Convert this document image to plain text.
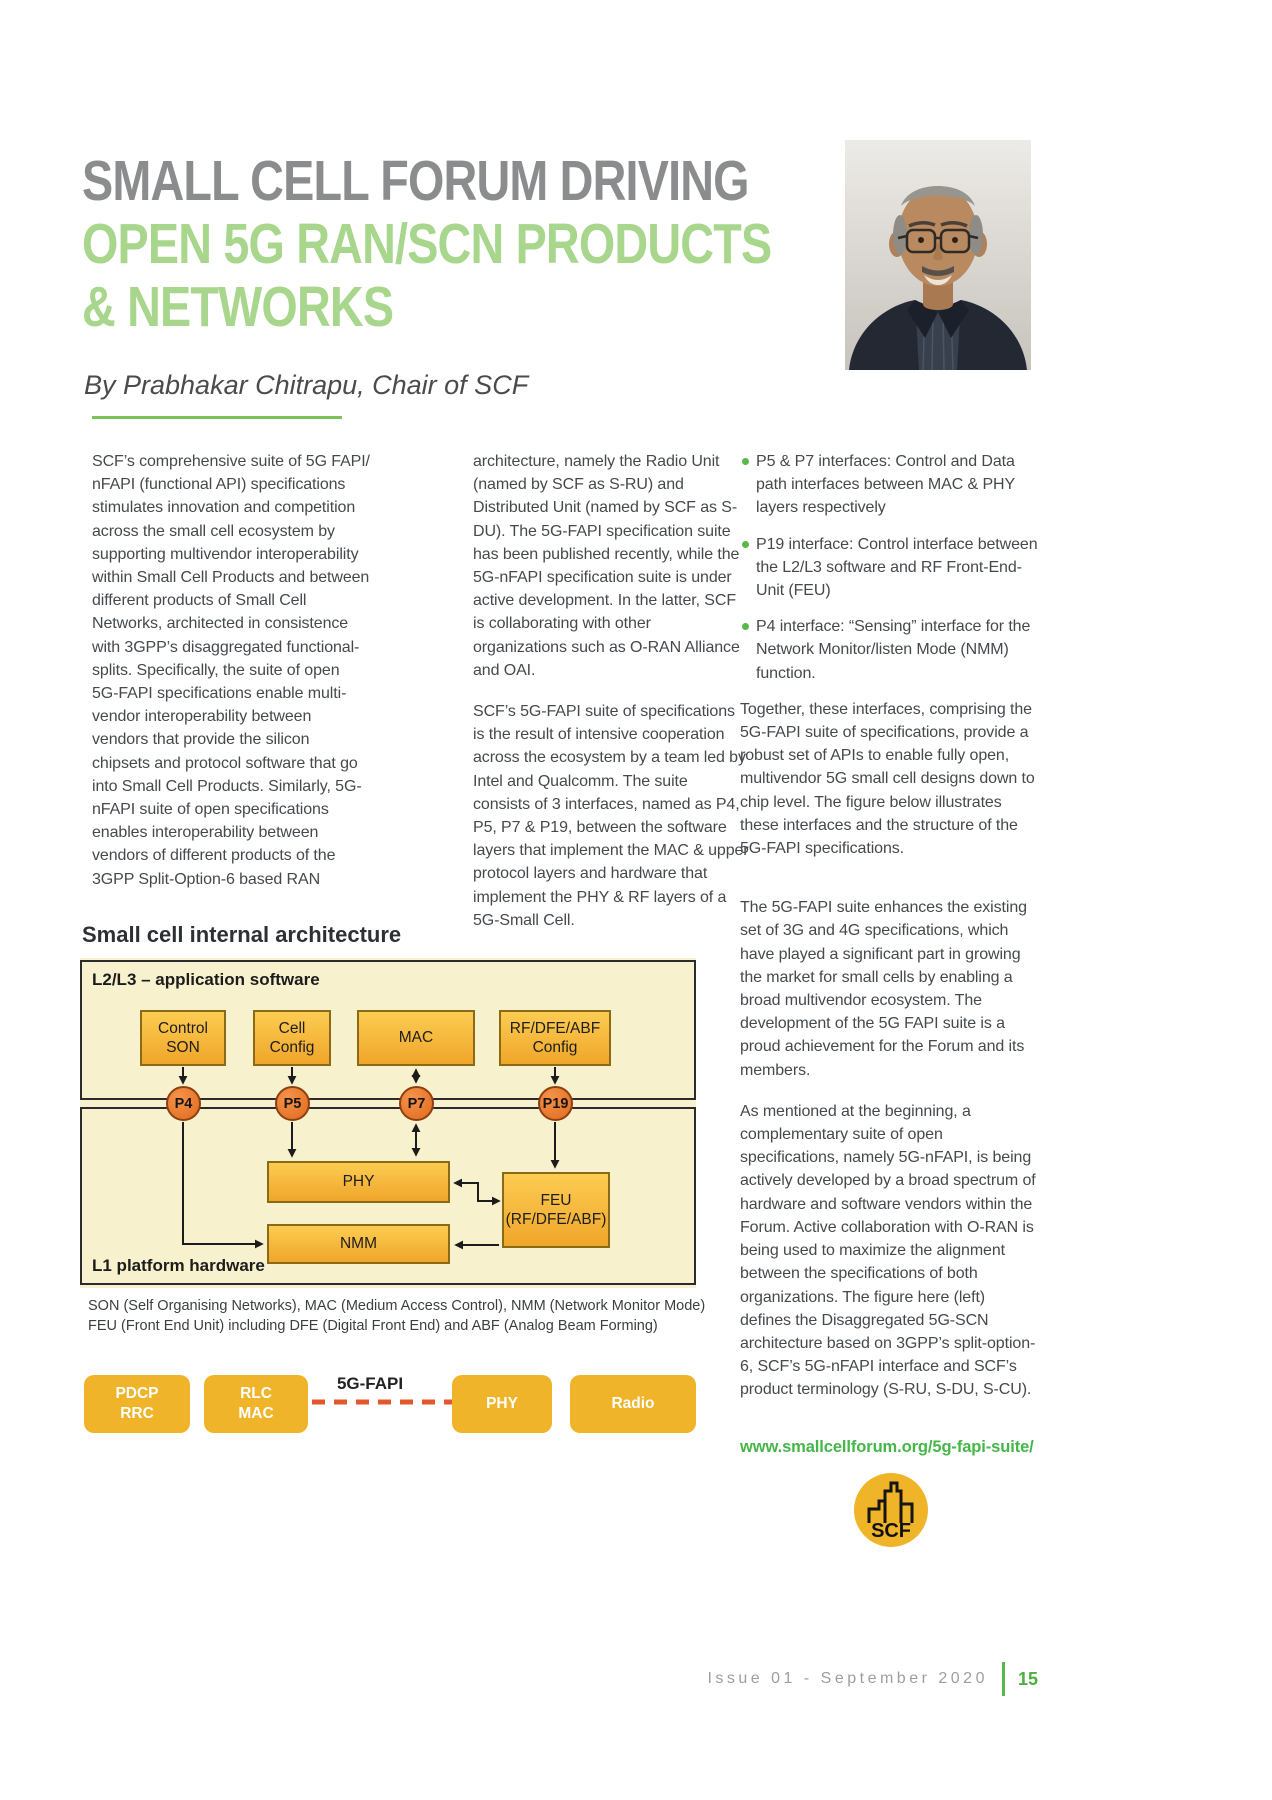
SMALL CELL FORUM DRIVING
OPEN 5G RAN/SCN PRODUCTS
& NETWORKS
By Prabhakar Chitrapu, Chair of SCF

SCF’s comprehensive suite of 5G FAPI/ nFAPI (functional API) specifications stimulates innovation and competition across the small cell ecosystem by supporting multivendor interoperability within Small Cell Products and between different products of Small Cell Networks, architected in consistence with 3GPP’s disaggregated functional-splits. Specifically, the suite of open 5G-FAPI specifications enable multi-vendor interoperability between vendors that provide the silicon chipsets and protocol software that go into Small Cell Products. Similarly, 5G-nFAPI suite of open specifications enables interoperability between vendors of different products of the 3GPP Split-Option-6 based RAN

architecture, namely the Radio Unit (named by SCF as S-RU) and Distributed Unit (named by SCF as S-DU). The 5G-FAPI specification suite has been published recently, while the 5G-nFAPI specification suite is under active development. In the latter, SCF is collaborating with other organizations such as O-RAN Alliance and OAI.

SCF’s 5G-FAPI suite of specifications is the result of intensive cooperation across the ecosystem by a team led by Intel and Qualcomm. The suite consists of 3 interfaces, named as P4, P5, P7 & P19, between the software layers that implement the MAC & upper protocol layers and hardware that implement the PHY & RF layers of a 5G-Small Cell.

P5 & P7 interfaces: Control and Data path interfaces between MAC & PHY layers respectively
P19 interface: Control interface between the L2/L3 software and RF Front-End-Unit (FEU)
P4 interface: “Sensing” interface for the Network Monitor/listen Mode (NMM) function.

Together, these interfaces, comprising the 5G-FAPI suite of specifications, provide a robust set of APIs to enable fully open, multivendor 5G small cell designs down to chip level. The figure below illustrates these interfaces and the structure of the 5G-FAPI specifications.

The 5G-FAPI suite enhances the existing set of 3G and 4G specifications, which have played a significant part in growing the market for small cells by enabling a broad multivendor ecosystem. The development of the 5G FAPI suite is a proud achievement for the Forum and its members.

As mentioned at the beginning, a complementary suite of open specifications, namely 5G-nFAPI, is being actively developed by a broad spectrum of hardware and software vendors within the Forum. Active collaboration with O-RAN is being used to maximize the alignment between the specifications of both organizations. The figure here (left) defines the Disaggregated 5G-SCN architecture based on 3GPP’s split-option-6, SCF’s 5G-nFAPI interface and SCF’s product terminology (S-RU, S-DU, S-CU).

www.smallcellforum.org/5g-fapi-suite/
SCF
Small cell internal architecture
L2/L3 – application software
L1 platform hardware
Control
SON
Cell
Config
MAC
RF/DFE/ABF
Config
PHY
NMM
FEU
(RF/DFE/ABF)
P4	P5	P7	P19
SON (Self Organising Networks), MAC (Medium Access Control), NMM (Network Monitor Mode)
FEU (Front End Unit) including DFE (Digital Front End) and ABF (Analog Beam Forming)
PDCP
RRC
RLC
MAC
5G-FAPI
PHY	Radio
Issue 01 - September 2020 15
